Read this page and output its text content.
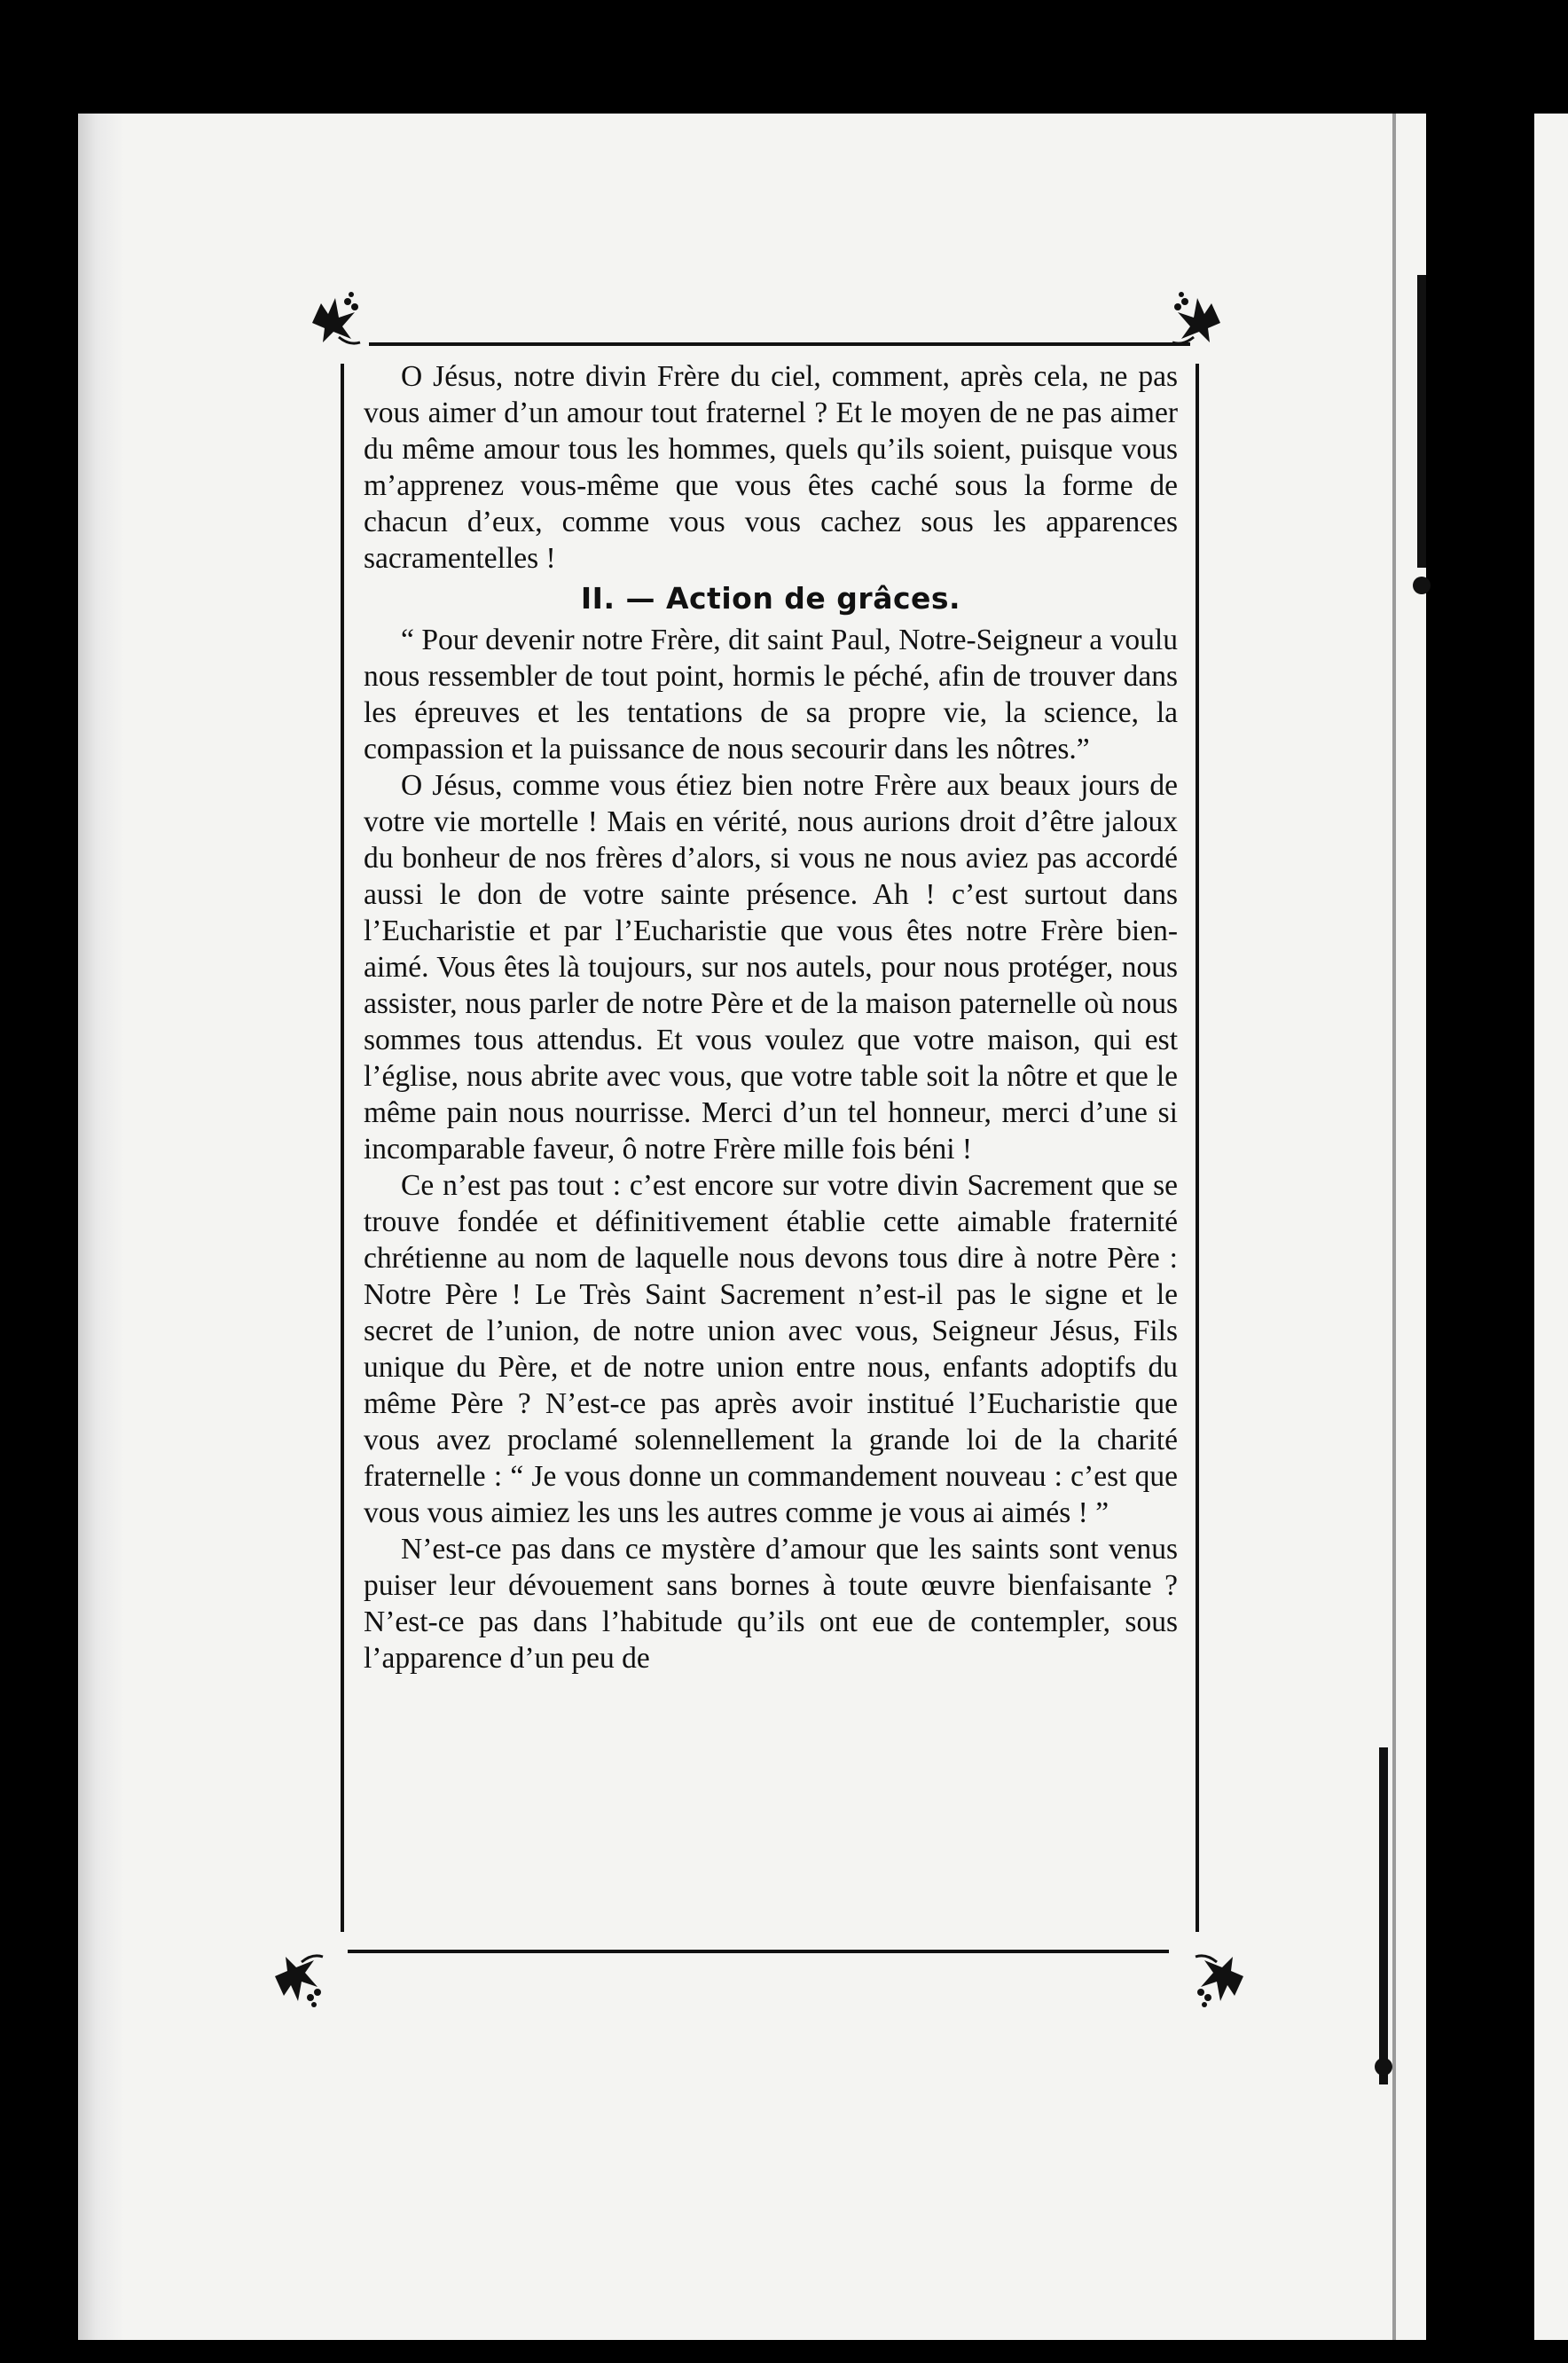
O Jésus, notre divin Frère du ciel, comment, après cela, ne pas vous aimer d’un amour tout fraternel ? Et le moyen de ne pas aimer du même amour tous les hommes, quels qu’ils soient, puisque vous m’apprenez vous-même que vous êtes caché sous la forme de chacun d’eux, comme vous vous cachez sous les apparences sacramentelles !

II. — Action de grâces.

“ Pour devenir notre Frère, dit saint Paul, Notre-Seigneur a voulu nous ressembler de tout point, hormis le péché, afin de trouver dans les épreuves et les tentations de sa propre vie, la science, la compassion et la puissance de nous secourir dans les nôtres.”

O Jésus, comme vous étiez bien notre Frère aux beaux jours de votre vie mortelle ! Mais en vérité, nous aurions droit d’être jaloux du bonheur de nos frères d’alors, si vous ne nous aviez pas accordé aussi le don de votre sainte présence. Ah ! c’est surtout dans l’Eucharistie et par l’Eucharistie que vous êtes notre Frère bien-aimé. Vous êtes là toujours, sur nos autels, pour nous protéger, nous assister, nous parler de notre Père et de la maison paternelle où nous sommes tous attendus. Et vous voulez que votre maison, qui est l’église, nous abrite avec vous, que votre table soit la nôtre et que le même pain nous nourrisse. Merci d’un tel honneur, merci d’une si incomparable faveur, ô notre Frère mille fois béni !

Ce n’est pas tout : c’est encore sur votre divin Sacrement que se trouve fondée et définitivement établie cette aimable fraternité chrétienne au nom de laquelle nous devons tous dire à notre Père : Notre Père ! Le Très Saint Sacrement n’est-il pas le signe et le secret de l’union, de notre union avec vous, Seigneur Jésus, Fils unique du Père, et de notre union entre nous, enfants adoptifs du même Père ? N’est-ce pas après avoir institué l’Eucharistie que vous avez proclamé solennellement la grande loi de la charité fraternelle : “ Je vous donne un commandement nouveau : c’est que vous vous aimiez les uns les autres comme je vous ai aimés ! ”

N’est-ce pas dans ce mystère d’amour que les saints sont venus puiser leur dévouement sans bornes à toute œuvre bienfaisante ? N’est-ce pas dans l’habitude qu’ils ont eue de contempler, sous l’apparence d’un peu de
